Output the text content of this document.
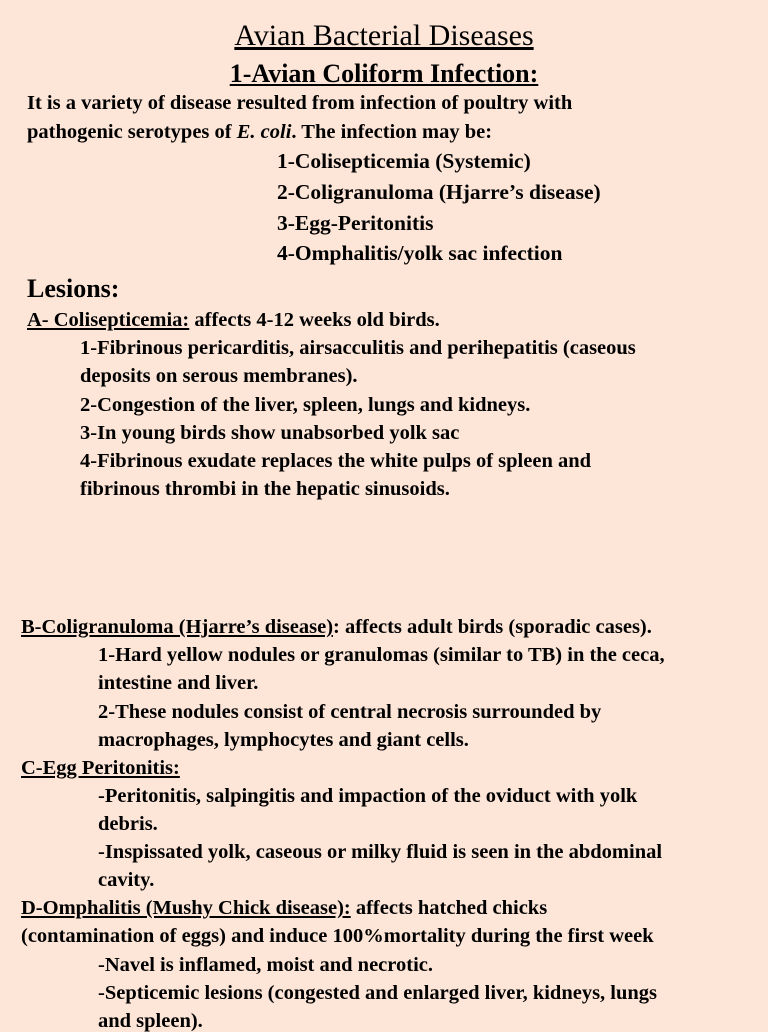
Avian Bacterial Diseases
1-Avian Coliform Infection:
It is a variety of disease resulted from infection of poultry with
pathogenic serotypes of E. coli. The infection may be:
1-Colisepticemia (Systemic)
2-Coligranuloma (Hjarre’s disease)
3-Egg-Peritonitis
4-Omphalitis/yolk sac infection
Lesions:
A- Colisepticemia: affects 4-12 weeks old birds.
1-Fibrinous pericarditis, airsacculitis and perihepatitis (caseous
deposits on serous membranes).
2-Congestion of the liver, spleen, lungs and kidneys.
3-In young birds show unabsorbed yolk sac
4-Fibrinous exudate replaces the white pulps of spleen and
fibrinous thrombi in the hepatic sinusoids.
B-Coligranuloma (Hjarre’s disease): affects adult birds (sporadic cases).
1-Hard yellow nodules or granulomas (similar to TB) in the ceca,
intestine and liver.
2-These nodules consist of central necrosis surrounded by
macrophages, lymphocytes and giant cells.
C-Egg Peritonitis:
-Peritonitis, salpingitis and impaction of the oviduct with yolk
debris.
-Inspissated yolk, caseous or milky fluid is seen in the abdominal
cavity.
D-Omphalitis (Mushy Chick disease): affects hatched chicks
(contamination of eggs) and induce 100%mortality during the first week
-Navel is inflamed, moist and necrotic.
-Septicemic lesions (congested and enlarged liver, kidneys, lungs
and spleen).
